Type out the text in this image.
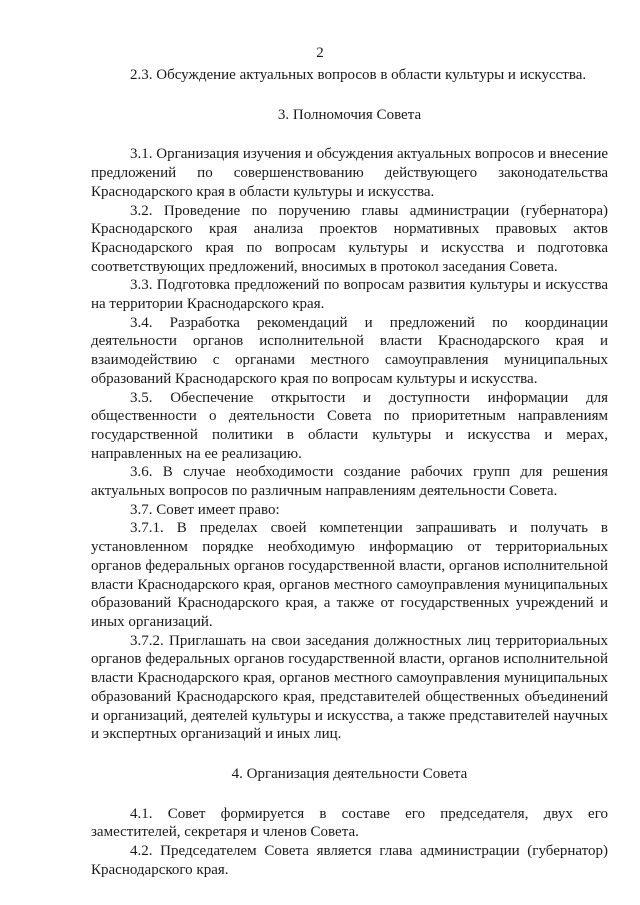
2

2.3. Обсуждение актуальных вопросов в области культуры и искусства.

3. Полномочия Совета

3.1. Организация изучения и обсуждения актуальных вопросов и внесение предложений по совершенствованию действующего законодательства Краснодарского края в области культуры и искусства.

3.2. Проведение по поручению главы администрации (губернатора) Краснодарского края анализа проектов нормативных правовых актов Краснодарского края по вопросам культуры и искусства и подготовка соответствующих предложений, вносимых в протокол заседания Совета.

3.3. Подготовка предложений по вопросам развития культуры и искусства на территории Краснодарского края.

3.4. Разработка рекомендаций и предложений по координации деятельности органов исполнительной власти Краснодарского края и взаимодействию с органами местного самоуправления муниципальных образований Краснодарского края по вопросам культуры и искусства.

3.5. Обеспечение открытости и доступности информации для общественности о деятельности Совета по приоритетным направлениям государственной политики в области культуры и искусства и мерах, направленных на ее реализацию.

3.6. В случае необходимости создание рабочих групп для решения актуальных вопросов по различным направлениям деятельности Совета.

3.7. Совет имеет право:

3.7.1. В пределах своей компетенции запрашивать и получать в установленном порядке необходимую информацию от территориальных органов федеральных органов государственной власти, органов исполнительной власти Краснодарского края, органов местного самоуправления муниципальных образований Краснодарского края, а также от государственных учреждений и иных организаций.

3.7.2. Приглашать на свои заседания должностных лиц территориальных органов федеральных органов государственной власти, органов исполнительной власти Краснодарского края, органов местного самоуправления муниципальных образований Краснодарского края, представителей общественных объединений и организаций, деятелей культуры и искусства, а также представителей научных и экспертных организаций и иных лиц.

4. Организация деятельности Совета

4.1. Совет формируется в составе его председателя, двух его заместителей, секретаря и членов Совета.

4.2. Председателем Совета является глава администрации (губернатор) Краснодарского края.
